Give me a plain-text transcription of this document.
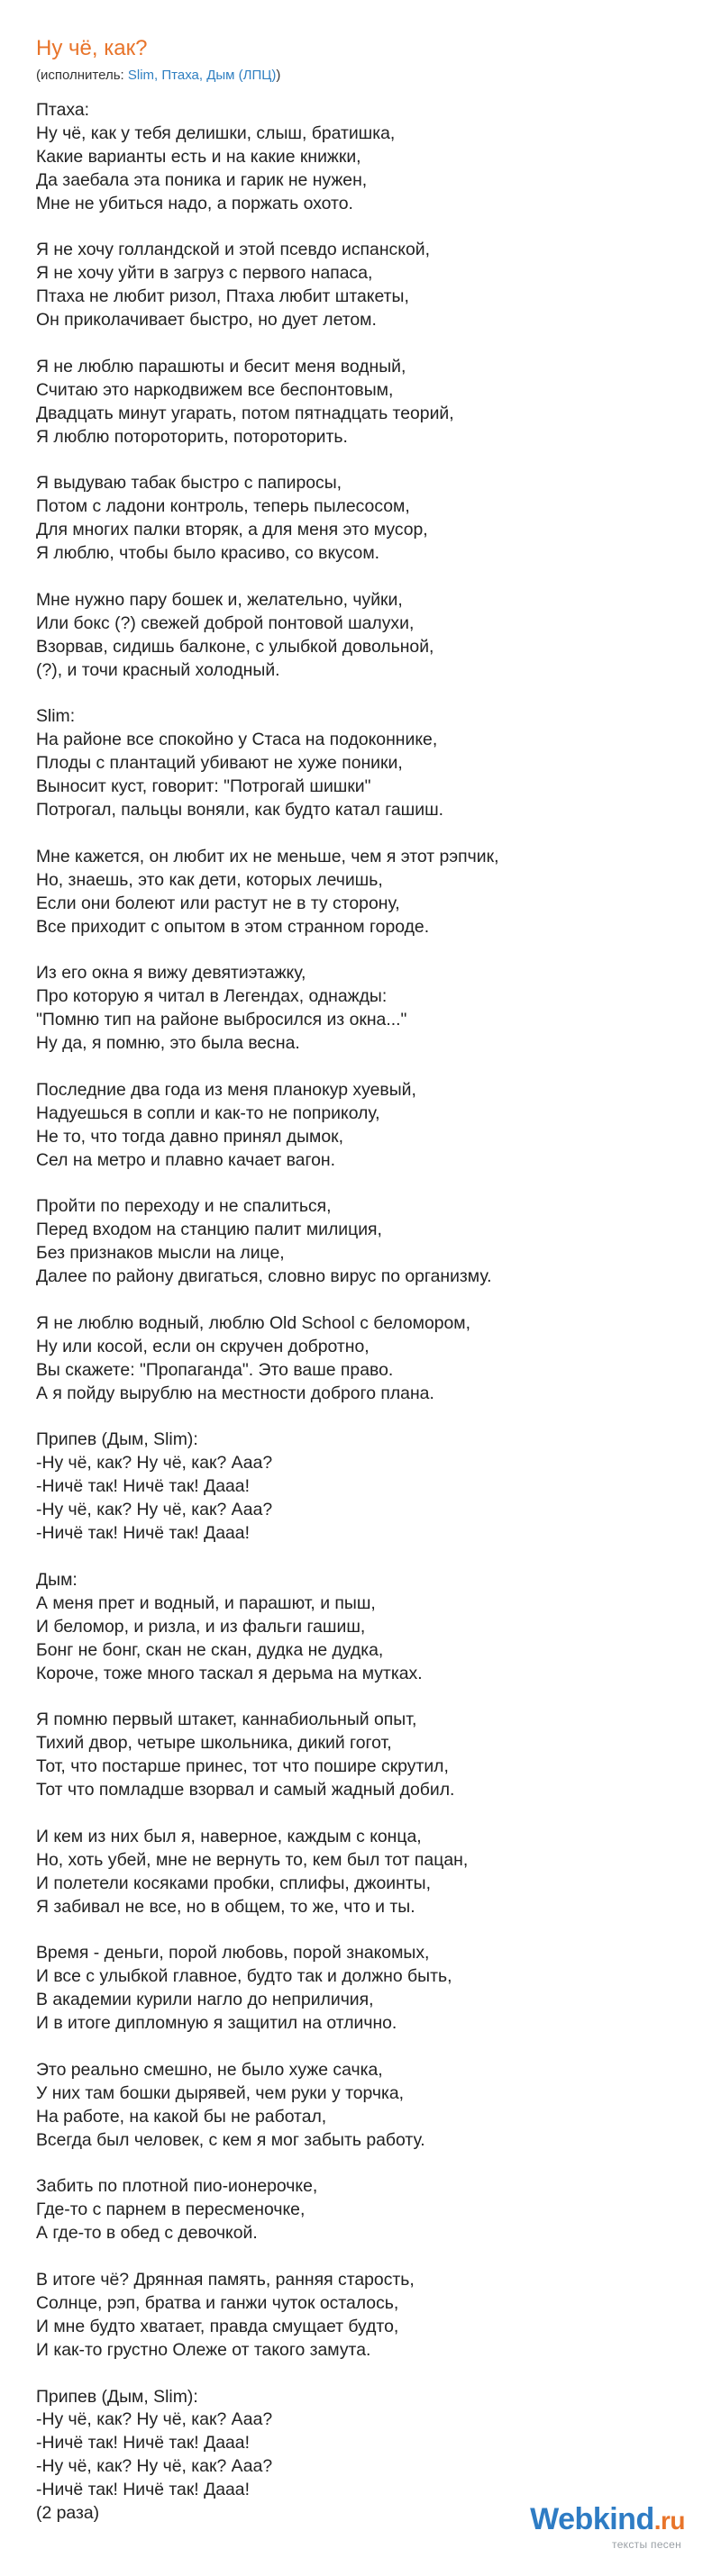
Ну чё, как?
(исполнитель: Slim, Птаха, Дым (ЛПЦ))
Птаха:
Ну чё, как у тебя делишки, слыш, братишка,
Какие варианты есть и на какие книжки,
Да заебала эта поника и гарик не нужен,
Мне не убиться надо, а поржать охото.
Я не хочу голландской и этой псевдо испанской,
Я не хочу уйти в загруз с первого напаса,
Птаха не любит ризол, Птаха любит штакеты,
Он приколачивает быстро, но дует летом.
Я не люблю парашюты и бесит меня водный,
Считаю это наркодвижем все беспонтовым,
Двадцать минут угарать, потом пятнадцать теорий,
Я люблю потороторить, потороторить.
Я выдуваю табак быстро с папиросы,
Потом с ладони контроль, теперь пылесосом,
Для многих палки вторяк, а для меня это мусор,
Я люблю, чтобы было красиво, со вкусом.
Мне нужно пару бошек и, желательно, чуйки,
Или бокс (?) свежей доброй понтовой шалухи,
Взорвав, сидишь балконе, с улыбкой довольной,
(?), и точи красный холодный.
Slim:
На районе все спокойно у Стаса на подоконнике,
Плоды с плантаций убивают не хуже поники,
Выносит куст, говорит: "Потрогай шишки"
Потрогал, пальцы воняли, как будто катал гашиш.
Мне кажется, он любит их не меньше, чем я этот рэпчик,
Но, знаешь, это как дети, которых лечишь,
Если они болеют или растут не в ту сторону,
Все приходит с опытом в этом странном городе.
Из его окна я вижу девятиэтажку,
Про которую я читал в Легендах, однажды:
"Помню тип на районе выбросился из окна..."
Ну да, я помню, это была весна.
Последние два года из меня планокур хуевый,
Надуешься в сопли и как-то не поприколу,
Не то, что тогда давно принял дымок,
Сел на метро и плавно качает вагон.
Пройти по переходу и не спалиться,
Перед входом на станцию палит милиция,
Без признаков мысли на лице,
Далее по району двигаться, словно вирус по организму.
Я не люблю водный, люблю Old School с беломором,
Ну или косой, если он скручен добротно,
Вы скажете: "Пропаганда". Это ваше право.
А я пойду вырублю на местности доброго плана.
Припев (Дым, Slim):
-Ну чё, как? Ну чё, как? Ааа?
-Ничё так! Ничё так! Дааа!
-Ну чё, как? Ну чё, как? Ааа?
-Ничё так! Ничё так! Дааа!
Дым:
А меня прет и водный, и парашют, и пыш,
И беломор, и ризла, и из фальги гашиш,
Бонг не бонг, скан не скан, дудка не дудка,
Короче, тоже много таскал я дерьма на мутках.
Я помню первый штакет, каннабиольный опыт,
Тихий двор, четыре школьника, дикий гогот,
Тот, что постарше принес, тот что поширe скрутил,
Тот что помладше взорвал и самый жадный добил.
И кем из них был я, наверное, каждым с конца,
Но, хоть убей, мне не вернуть то, кем был тот пацан,
И полетели косяками пробки, сплифы, джоинты,
Я забивал не все, но в общем, то же, что и ты.
Время - деньги, порой любовь, порой знакомых,
И все с улыбкой главное, будто так и должно быть,
В академии курили нагло до неприличия,
И в итоге дипломную я защитил на отлично.
Это реально смешно, не было хуже сачка,
У них там бошки дырявей, чем руки у торчка,
На работе, на какой бы не работал,
Всегда был человек, с кем я мог забыть работу.
Забить по плотной пио-ионерочке,
Где-то с парнем в пересменочке,
А где-то в обед с девочкой.
В итоге чё? Дрянная память, ранняя старость,
Солнце, рэп, братва и ганжи чуток осталось,
И мне будто хватает, правда смущает будто,
И как-то грустно Олеже от такого замута.
Припев (Дым, Slim):
-Ну чё, как? Ну чё, как? Ааа?
-Ничё так! Ничё так! Дааа!
-Ну чё, как? Ну чё, как? Ааа?
-Ничё так! Ничё так! Дааа!
(2 раза)	Webkind.ru
тексты песен
